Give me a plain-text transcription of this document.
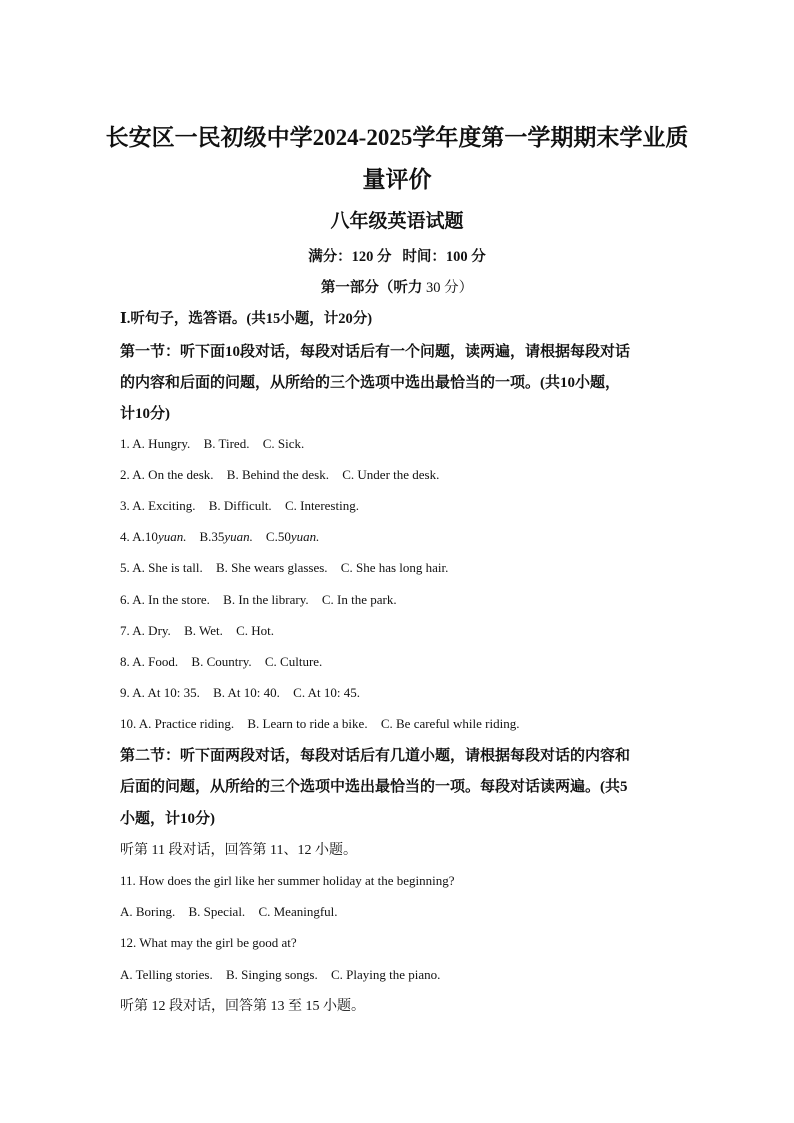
长安区一民初级中学2024-2025学年度第一学期期末学业质
量评价
八年级英语试题
满分：120 分   时间：100 分
第一部分（听力 30 分）
Ⅰ.听句子，选答语。(共15小题，计20分)
第一节：听下面10段对话，每段对话后有一个问题，读两遍，请根据每段对话
的内容和后面的问题，从所给的三个选项中选出最恰当的一项。(共10小题，
计10分)
1. A. Hungry. B. Tired. C. Sick.
2. A. On the desk. B. Behind the desk. C. Under the desk.
3. A. Exciting. B. Difficult. C. Interesting.
4. A.10yuan. B.35yuan. C.50yuan.
5. A. She is tall. B. She wears glasses. C. She has long hair.
6. A. In the store. B. In the library. C. In the park.
7. A. Dry. B. Wet. C. Hot.
8. A. Food. B. Country. C. Culture.
9. A. At 10: 35. B. At 10: 40. C. At 10: 45.
10. A. Practice riding. B. Learn to ride a bike. C. Be careful while riding.
第二节：听下面两段对话，每段对话后有几道小题，请根据每段对话的内容和
后面的问题，从所给的三个选项中选出最恰当的一项。每段对话读两遍。(共5
小题，计10分)
听第 11 段对话，回答第 11、12 小题。
11. How does the girl like her summer holiday at the beginning?
A. Boring. B. Special. C. Meaningful.
12. What may the girl be good at?
A. Telling stories. B. Singing songs. C. Playing the piano.
听第 12 段对话，回答第 13 至 15 小题。
